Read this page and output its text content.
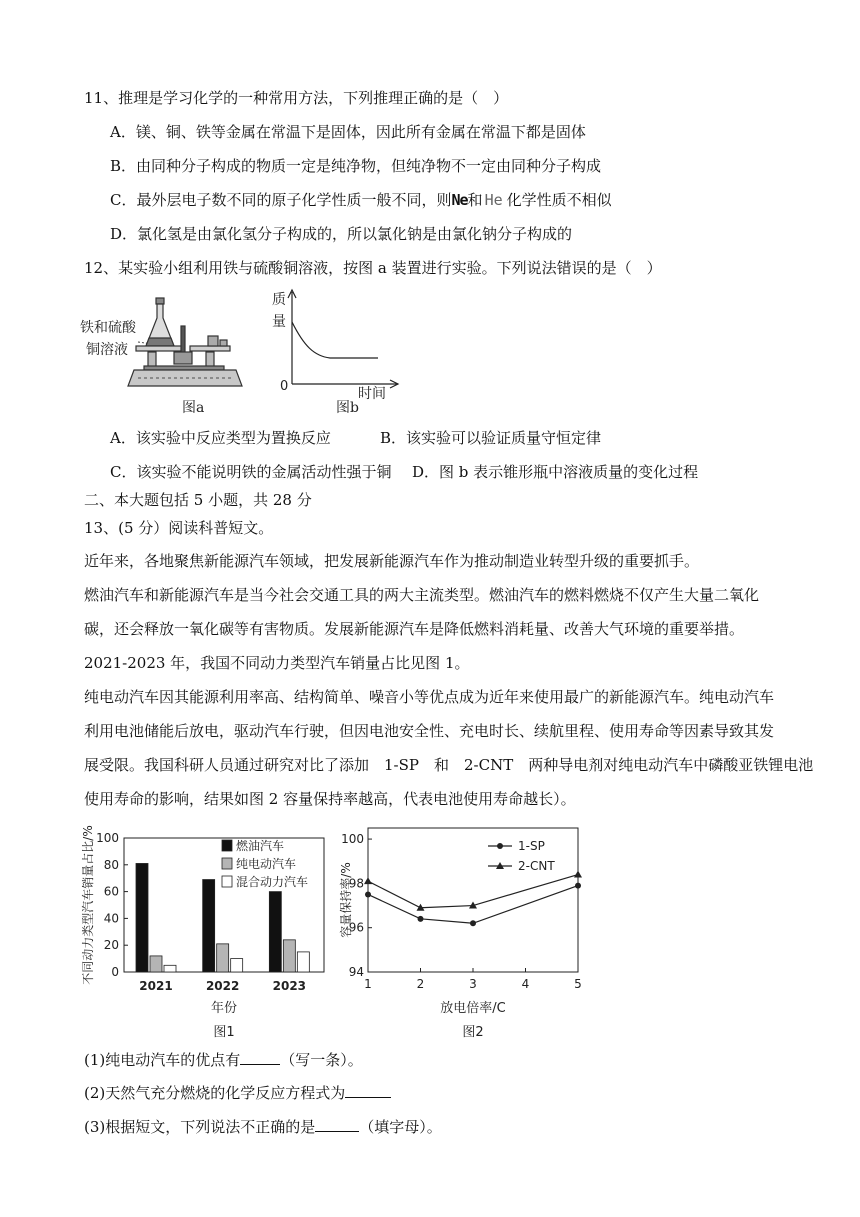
11、推理是学习化学的一种常用方法，下列推理正确的是（　）
A．镁、铜、铁等金属在常温下是固体，因此所有金属在常温下都是固体
B．由同种分子构成的物质一定是纯净物，但纯净物不一定由同种分子构成
C．最外层电子数不同的原子化学性质一般不同，则Ne和 He 化学性质不相似
D．氯化氢是由氯化氢分子构成的，所以氯化钠是由氯化钠分子构成的
12、某实验小组利用铁与硫酸铜溶液，按图 a 装置进行实验。下列说法错误的是（　）
铁和硫酸
铜溶液
图a
质
量
0	时间
图b
A．该实验中反应类型为置换反应	B．该实验可以验证质量守恒定律
C．该实验不能说明铁的金属活动性强于铜 D．图 b 表示锥形瓶中溶液质量的变化过程
二、本大题包括 5 小题，共 28 分
13、(5 分）阅读科普短文。
近年来，各地聚焦新能源汽车领域，把发展新能源汽车作为推动制造业转型升级的重要抓手。
燃油汽车和新能源汽车是当今社会交通工具的两大主流类型。燃油汽车的燃料燃烧不仅产生大量二氧化
碳，还会释放一氧化碳等有害物质。发展新能源汽车是降低燃料消耗量、改善大气环境的重要举措。
2021-2023 年，我国不同动力类型汽车销量占比见图 1。
纯电动汽车因其能源利用率高、结构简单、噪音小等优点成为近年来使用最广的新能源汽车。纯电动汽车
利用电池储能后放电，驱动汽车行驶，但因电池安全性、充电时长、续航里程、使用寿命等因素导致其发
展受限。我国科研人员通过研究对比了添加　1-SP　和　2-CNT　两种导电剂对纯电动汽车中磷酸亚铁锂电池
使用寿命的影响，结果如图 2 容量保持率越高，代表电池使用寿命越长）。
0
20
40
60
80
100
2021	2022	2023
燃油汽车
纯电动汽车
混合动力汽车
不同动力类型汽车销量占比/%
年份
图1
94
96
98
100
1	2	3	4	5
1-SP
2-CNT
容量保持率/%
放电倍率/C
图2
(1)纯电动汽车的优点有	（写一条）。
(2)天然气充分燃烧的化学反应方程式为
(3)根据短文，下列说法不正确的是	（填字母）。
